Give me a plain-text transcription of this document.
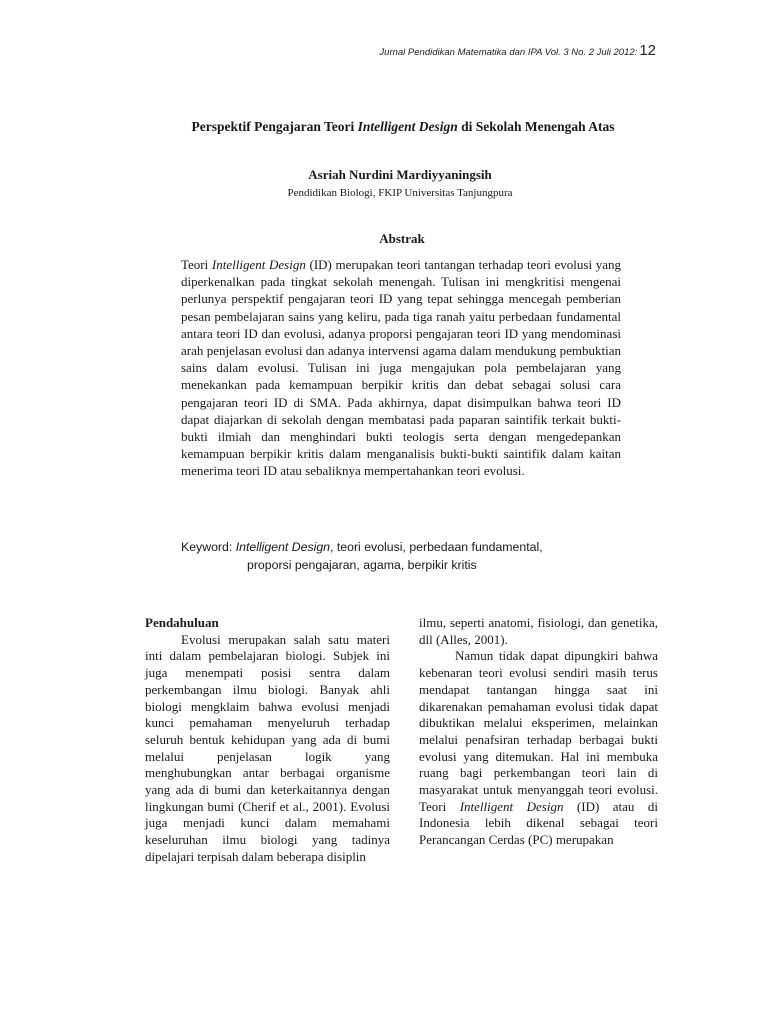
Jurnal Pendidikan Matematika dan IPA Vol. 3 No. 2 Juli 2012: 12
Perspektif Pengajaran Teori Intelligent Design di Sekolah Menengah Atas
Asriah Nurdini Mardiyyaningsih
Pendidikan Biologi, FKIP Universitas Tanjungpura
Abstrak

Teori Intelligent Design (ID) merupakan teori tantangan terhadap teori evolusi yang diperkenalkan pada tingkat sekolah menengah. Tulisan ini mengkritisi mengenai perlunya perspektif pengajaran teori ID yang tepat sehingga mencegah pemberian pesan pembelajaran sains yang keliru, pada tiga ranah yaitu perbedaan fundamental antara teori ID dan evolusi, adanya proporsi pengajaran teori ID yang mendominasi arah penjelasan evolusi dan adanya intervensi agama dalam mendukung pembuktian sains dalam evolusi. Tulisan ini juga mengajukan pola pembelajaran yang menekankan pada kemampuan berpikir kritis dan debat sebagai solusi cara pengajaran teori ID di SMA. Pada akhirnya, dapat disimpulkan bahwa teori ID dapat diajarkan di sekolah dengan membatasi pada paparan saintifik terkait bukti-bukti ilmiah dan menghindari bukti teologis serta dengan mengedepankan kemampuan berpikir kritis dalam menganalisis bukti-bukti saintifik dalam kaitan menerima teori ID atau sebaliknya mempertahankan teori evolusi.

Keyword: Intelligent Design, teori evolusi, perbedaan fundamental,
proporsi pengajaran, agama, berpikir kritis
Pendahuluan

Evolusi merupakan salah satu materi inti dalam pembelajaran biologi. Subjek ini juga menempati posisi sentra dalam perkembangan ilmu biologi. Banyak ahli biologi mengklaim bahwa evolusi menjadi kunci pemahaman menyeluruh terhadap seluruh bentuk kehidupan yang ada di bumi melalui penjelasan logik yang menghubungkan antar berbagai organisme yang ada di bumi dan keterkaitannya dengan lingkungan bumi (Cherif et al., 2001). Evolusi juga menjadi kunci dalam memahami keseluruhan ilmu biologi yang tadinya dipelajari terpisah dalam beberapa disiplin

ilmu, seperti anatomi, fisiologi, dan genetika, dll (Alles, 2001).

Namun tidak dapat dipungkiri bahwa kebenaran teori evolusi sendiri masih terus mendapat tantangan hingga saat ini dikarenakan pemahaman evolusi tidak dapat dibuktikan melalui eksperimen, melainkan melalui penafsiran terhadap berbagai bukti evolusi yang ditemukan. Hal ini membuka ruang bagi perkembangan teori lain di masyarakat untuk menyanggah teori evolusi. Teori Intelligent Design (ID) atau di Indonesia lebih dikenal sebagai teori Perancangan Cerdas (PC) merupakan
